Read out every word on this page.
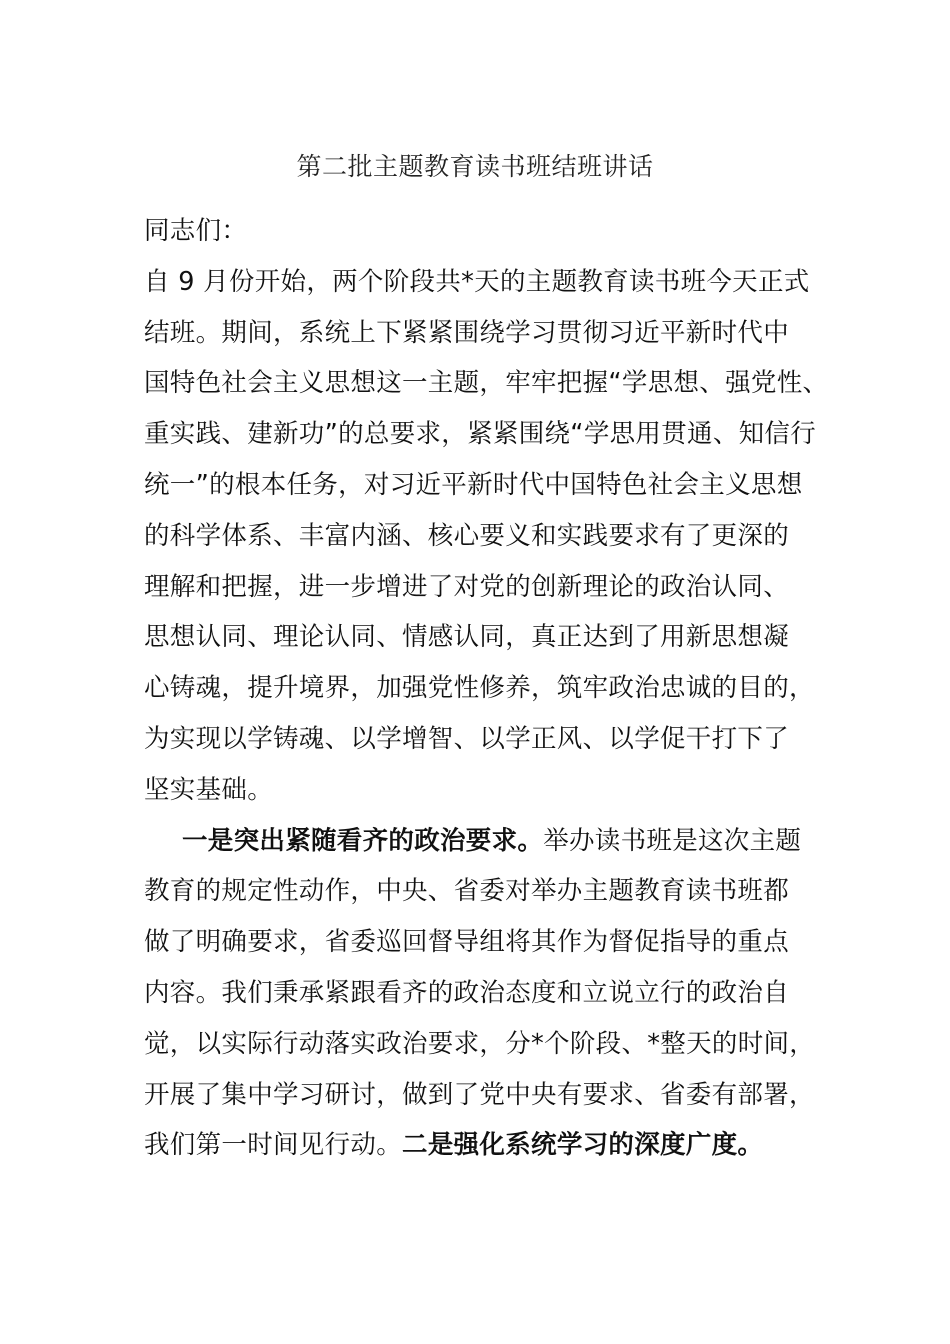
第二批主题教育读书班结班讲话
同志们：
自 9 月份开始，两个阶段共*天的主题教育读书班今天正式
结班。期间，系统上下紧紧围绕学习贯彻习近平新时代中
国特色社会主义思想这一主题，牢牢把握“学思想、强党性、
重实践、建新功”的总要求，紧紧围绕“学思用贯通、知信行
统一”的根本任务，对习近平新时代中国特色社会主义思想
的科学体系、丰富内涵、核心要义和实践要求有了更深的
理解和把握，进一步增进了对党的创新理论的政治认同、
思想认同、理论认同、情感认同，真正达到了用新思想凝
心铸魂，提升境界，加强党性修养，筑牢政治忠诚的目的，
为实现以学铸魂、以学增智、以学正风、以学促干打下了
坚实基础。
一是突出紧随看齐的政治要求。举办读书班是这次主题
教育的规定性动作，中央、省委对举办主题教育读书班都
做了明确要求，省委巡回督导组将其作为督促指导的重点
内容。我们秉承紧跟看齐的政治态度和立说立行的政治自
觉，以实际行动落实政治要求，分*个阶段、*整天的时间，
开展了集中学习研讨，做到了党中央有要求、省委有部署，
我们第一时间见行动。二是强化系统学习的深度广度。
